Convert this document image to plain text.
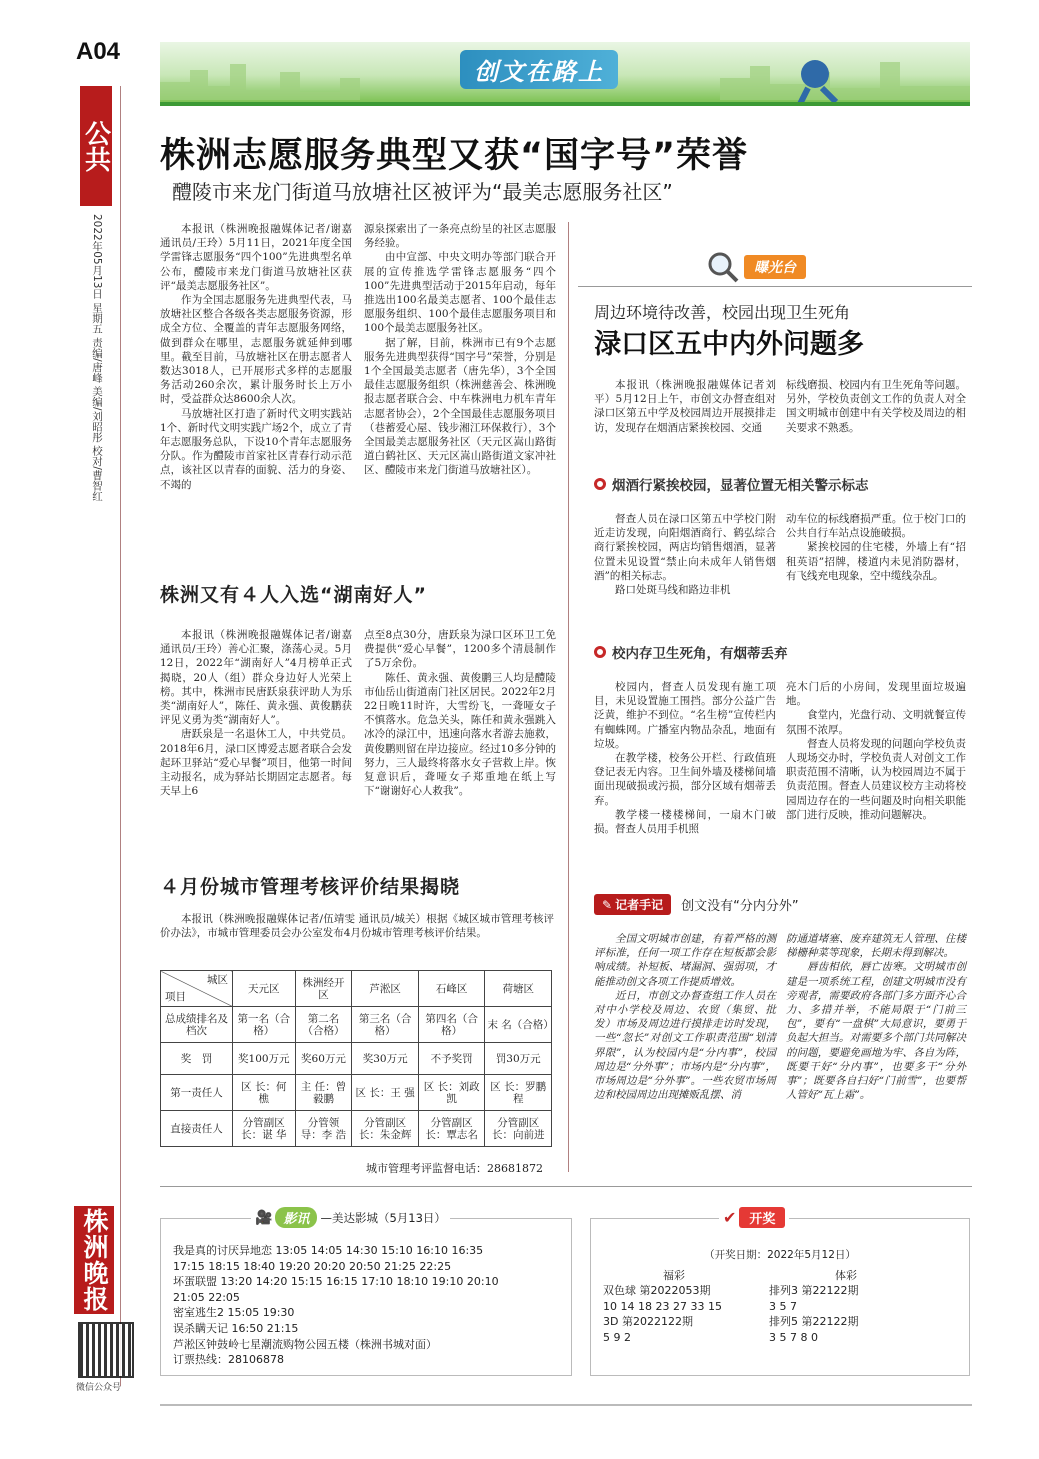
A04
创文在路上
公共
2022年05月13日 星期五 责编/唐峰 美编/刘昭彤 校对/曹智红
株洲晚报
微信公众号
株洲志愿服务典型又获“国字号”荣誉
醴陵市来龙门街道马放塘社区被评为“最美志愿服务社区”

本报讯（株洲晚报融媒体记者/谢嘉 通讯员/王玲）5月11日，2021年度全国学雷锋志愿服务“四个100”先进典型名单公布，醴陵市来龙门街道马放塘社区获评“最美志愿服务社区”。

作为全国志愿服务先进典型代表，马放塘社区整合各级各类志愿服务资源，形成全方位、全覆盖的青年志愿服务网络，做到群众在哪里，志愿服务就延伸到哪里。截至目前，马放塘社区在册志愿者人数达3018人，已开展形式多样的志愿服务活动260余次，累计服务时长上万小时，受益群众达8600余人次。

马放塘社区打造了新时代文明实践站1个、新时代文明实践广场2个，成立了青年志愿服务总队，下设10个青年志愿服务分队。作为醴陵市首家社区青春行动示范点，该社区以青春的面貌、活力的身姿、不竭的

源泉探索出了一条亮点纷呈的社区志愿服务经验。

由中宣部、中央文明办等部门联合开展的宣传推选学雷锋志愿服务“四个100”先进典型活动于2015年启动，每年推选出100名最美志愿者、100个最佳志愿服务组织、100个最佳志愿服务项目和100个最美志愿服务社区。

据了解，目前，株洲市已有9个志愿服务先进典型获得“国字号”荣誉，分别是1个全国最美志愿者（唐先华），3个全国最佳志愿服务组织（株洲慈善会、株洲晚报志愿者联合会、中车株洲电力机车青年志愿者协会），2个全国最佳志愿服务项目（巷蓄爱心屋、钱步湘江环保救行），3个全国最美志愿服务社区（天元区嵩山路街道白鹤社区、天元区嵩山路街道文家冲社区、醴陵市来龙门街道马放塘社区）。

株洲又有４人入选“湖南好人”

本报讯（株洲晚报融媒体记者/谢嘉 通讯员/王玲）善心汇聚，涤荡心灵。5月12日，2022年“湖南好人”4月榜单正式揭晓，20人（组）群众身边好人光荣上榜。其中，株洲市民唐跃泉获评助人为乐类“湖南好人”，陈任、黄永强、黄俊鹏获评见义勇为类“湖南好人”。

唐跃泉是一名退休工人，中共党员。2018年6月，渌口区博爱志愿者联合会发起环卫驿站“爱心早餐”项目，他第一时间主动报名，成为驿站长期固定志愿者。每天早上6

点至8点30分，唐跃泉为渌口区环卫工免费提供“爱心早餐”，1200多个清晨制作了5万余份。

陈任、黄永强、黄俊鹏三人均是醴陵市仙岳山街道南门社区居民。2022年2月22日晚11时许，大雪纷飞，一聋哑女子不慎落水。危急关头，陈任和黄永强跳入冰冷的渌江中，迅速向落水者游去施救，黄俊鹏则留在岸边接应。经过10多分钟的努力，三人最终将落水女子营救上岸。恢复意识后，聋哑女子郑重地在纸上写下“谢谢好心人救我”。

４月份城市管理考核评价结果揭晓

本报讯（株洲晚报融媒体记者/伍靖雯 通讯员/城关）根据《城区城市管理考核评价办法》，市城市管理委员会办公室发布4月份城市管理考核评价结果。

城区
项目	天元区	株洲经开区	芦淞区	石峰区	荷塘区
总成绩排名及档次	第一名（合格）	第二名（合格）	第三名（合格）	第四名（合格）	末 名（合格）
奖　罚	奖100万元	奖60万元	奖30万元	不予奖罚	罚30万元
第一责任人	区 长：何 樵	主 任：曾毅鹏	区 长：王 强	区 长：刘政凯	区 长：罗鹏程
直接责任人	分管副区长：谌 华	分管领导：李 浩	分管副区长：朱金辉	分管副区长：覃志名	分管副区长：向前进
城市管理考评监督电话：28681872
曝光台
周边环境待改善，校园出现卫生死角
渌口区五中内外问题多

本报讯（株洲晚报融媒体记者刘平）5月12日上午，市创文办督查组对渌口区第五中学及校园周边开展摸排走访，发现存在烟酒店紧挨校园、交通

标线磨损、校园内有卫生死角等问题。另外，学校负责创文工作的负责人对全国文明城市创建中有关学校及周边的相关要求不熟悉。

烟酒行紧挨校园，显著位置无相关警示标志

督查人员在渌口区第五中学校门附近走访发现，向阳烟酒商行、鹤弘综合商行紧挨校园，两店均销售烟酒，显著位置未见设置“禁止向未成年人销售烟酒”的相关标志。

路口处斑马线和路边非机

动车位的标线磨损严重。位于校门口的公共自行车站点设施破损。

紧挨校园的住宅楼，外墙上有“招租英语”招牌，楼道内未见消防器材，有飞线充电现象，空中缆线杂乱。

校内存卫生死角，有烟蒂丢弃

校园内，督查人员发现有施工项目，未见设置施工围挡。部分公益广告泛黄，维护不到位。“名生榜”宣传栏内有蜘蛛网。广播室内物品杂乱，地面有垃圾。

在教学楼，校务公开栏、行政值班登记表无内容。卫生间外墙及楼梯间墙面出现破损或污损，部分区域有烟蒂丢弃。

教学楼一楼楼梯间，一扇木门破损。督查人员用手机照

亮木门后的小房间，发现里面垃圾遍地。

食堂内，光盘行动、文明就餐宣传氛围不浓厚。

督查人员将发现的问题向学校负责人现场交办时，学校负责人对创文工作职责范围不清晰，认为校园周边不属于负责范围。督查人员建议校方主动将校园周边存在的一些问题及时向相关职能部门进行反映，推动问题解决。

✎ 记者手记 创文没有“分内分外”

全国文明城市创建，有着严格的测评标准，任何一项工作存在短板都会影响成绩。补短板、堵漏洞、强弱项，才能推动创文各项工作提质增效。

近日，市创文办督查组工作人员在对中小学校及周边、农贸（集贸、批发）市场及周边进行摸排走访时发现，一些“忽长”对创文工作职责范围“划清界限”，认为校园内是“分内事”，校园周边是“分外事”；市场内是“分内事”，市场周边是“分外事”。一些农贸市场周边和校园周边出现摊贩乱摆、消

防通道堵塞、废弃建筑无人管理、住楼梯栅种菜等现象，长期未得到解决。

唇齿相依，唇亡齿寒。文明城市创建是一项系统工程，创建文明城市没有旁观者，需要政府各部门多方面齐心合力、多措并举，不能局限于“门前三包”，要有“一盘棋”大局意识，要勇于负起大担当。对需要多个部门共同解决的问题，要避免画地为牢、各自为阵，既要干好“分内事”，也要多干“分外事”；既要各自扫好“门前雪”，也要帮人管好“瓦上霜”。

🎥 影讯 —美达影城（5月13日）
我是真的讨厌异地恋 13:05 14:05 14:30 15:10 16:10 16:35
17:15 18:15 18:40 19:20 20:20 20:50 21:25 22:25
坏蛋联盟 13:20 14:20 15:15 16:15 17:10 18:10 19:10 20:10
21:05 22:05
密室逃生2 15:05 19:30
误杀瞒天记 16:50 21:15
芦淞区钟鼓岭七星潮流购物公园五楼（株洲书城对面）
订票热线：28106878
✔	开奖
（开奖日期：2022年5月12日）
福彩	体彩
双色球 第2022053期
10 14 18 23 27 33 15
3D 第2022122期
5 9 2
排列3 第22122期
3 5 7
排列5 第22122期
3 5 7 8 0
